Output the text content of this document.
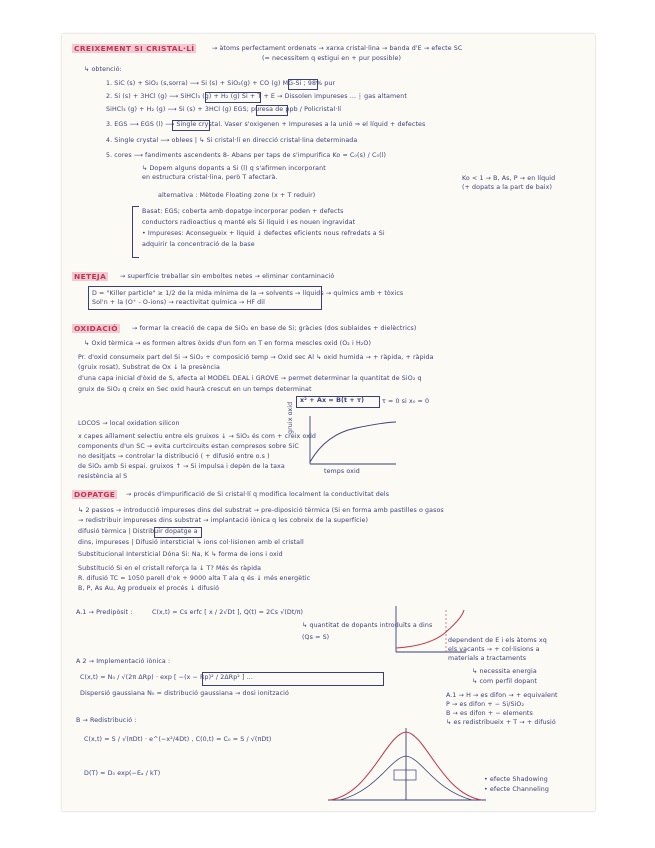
CREIXEMENT SI CRISTAL·LÍ	→ àtoms perfectament ordenats → xarxa cristal·lina → banda d'E → efecte SC
(= necessitem q estigui en + pur possible)
↳ obtenció:
1. SiC (s) + SiO₂ (s,sorra) ⟶ Si (s) + SiO₂(g) + CO (g) MG-Si ; 98% pur
2. Si (s) + 3HCl (g) ⟶ SiHCl₃ (g) + H₂ (g) Si + T + E → Dissolen impureses ... ┆ gas altament
SiHCl₃ (g) + H₂ (g) ⟶ Si (s) + 3HCl (g) EGS; puresa de ppb / Policristal·lí
3. EGS ⟶ EGS (l) ⟶ Single crystal. Vaser s'oxigenen + Impureses a la unió ⇒ el líquid + defectes
4. Single crystal ⟶ oblees | ↳ Si cristal·lí en direcció cristal·lina determinada
5. cores ⟶ fandiments ascendents 8- Abans per taps de s'impurifica Ko = C₀(s) / C₀(l)
↳ Dopem alguns dopants a Si (l) q s'afirmen incorporant
en estructura cristal·lina, però T afectarà.
alternativa : Mètode Floating zone (x + T reduir)
Ko < 1 → B, As, P → en líquid
(+ dopats a la part de baix)
Basat: EGS; coberta amb dopatge incorporar poden + defects
conductors radioactius q manté els Si líquid i es nouen ingravidat
• Impureses: Aconsegueix + líquid ↓ defectes eficients nous refredats a Si
adquirir la concentració de la base
NETEJA	→ superfície treballar sin emboltes netes → eliminar contaminació
D = "Killer particle" ≥ 1/2 de la mida mínima de la → solvents → líquids → químics amb + tòxics
Sol'n + la (O⁺ - O-ions) → reactivitat química → HF dil
OXIDACIÓ	→ formar la creació de capa de SiO₂ en base de Si; gràcies (dos sublaides + dielèctrics)
↳ Oxid tèrmica → es formen altres òxids d'un forn en T en forma mescles oxid (O₂ i H₂O)
Pr. d'oxid consumeix part del Si → SiO₂ + composició temp → Oxid sec Al ↳ oxid humida → + ràpida, + ràpida
(gruix rosat), Substrat de Ox ↓ la presència
d'una capa inicial d'òxid de S, afecta al MODEL DEAL i GROVE → permet determinar la quantitat de SiO₂ q
gruix de SiO₂ q creix en Sec oxid haurà crescut en un temps determinat
x² + Ax = B(t + τ)	τ = 0 si x₀ = 0
LOCOS → local oxidation silicon
x capes aïllament selectiu entre els gruixos ↓ → SiO₂ és com + creix oxid
components d'un SC → evita curtcircuits estan compresos sobre SiC
no desitjats → controlar la distribució ( + difusió entre o.s )
de SiO₂ amb Si espai. gruixos ↑ → Si impulsa i depèn de la taxa
resistència al S
gruix oxid
temps oxid
DOPATGE	→ procés d'impurificació de Si cristal·lí q modifica localment la conductivitat dels
↳ 2 passos → introducció impureses dins del substrat → pre-diposició tèrmica (Si en forma amb pastilles o gasos
→ redistribuir impureses dins substrat → implantació iònica q les cobreix de la superfície)
difusió tèrmica | Distribuir dopatge a
dins, impureses | Difusió intersticial ↳ ions col·lisionen amb el cristall
Substitucional Intersticial Dóna Si: Na, K ↳ forma de ions i oxid
Substitució Si en el cristall reforça la ↓ T? Més és ràpida
R. difusió TC = 1050 parell d'ok + 9000 alta T ala q és ↓ més energètic
B, P, As Au, Ag produeix el procés ↓ difusió
A.1 → Predipòsit :	C(x,t) = Cs erfc [ x / 2√Dt ], Q(t) = 2Cs √(Dt/π)
↳ quantitat de dopants introduïts a dins
(Qs = S)
A 2 → Implementació iònica :
C(x,t) = N₀ / √(2π ΔRp) · exp [ −(x − Rp)² / 2ΔRp² ] ...
Dispersió gaussiana N₀ = distribució gaussiana → dosi ionització
B → Redistribució :
C(x,t) = S / √(πDt) · e^(−x²/4Dt) , C(0,t) = C₀ = S / √(πDt)
D(T) = D₀ exp(−Eₐ / kT)
dependent de E i els àtoms xq
els vacants → + col·lisions a
materials a tractaments
↳ necessita energia
↳ com perfil dopant
A.1 → H → es difon → + equivalent
P → es difon + − Si/SiO₂
B → es difon + − elements
↳ es redistribueix + T → + difusió
• efecte Shadowing
• efecte Channeling
